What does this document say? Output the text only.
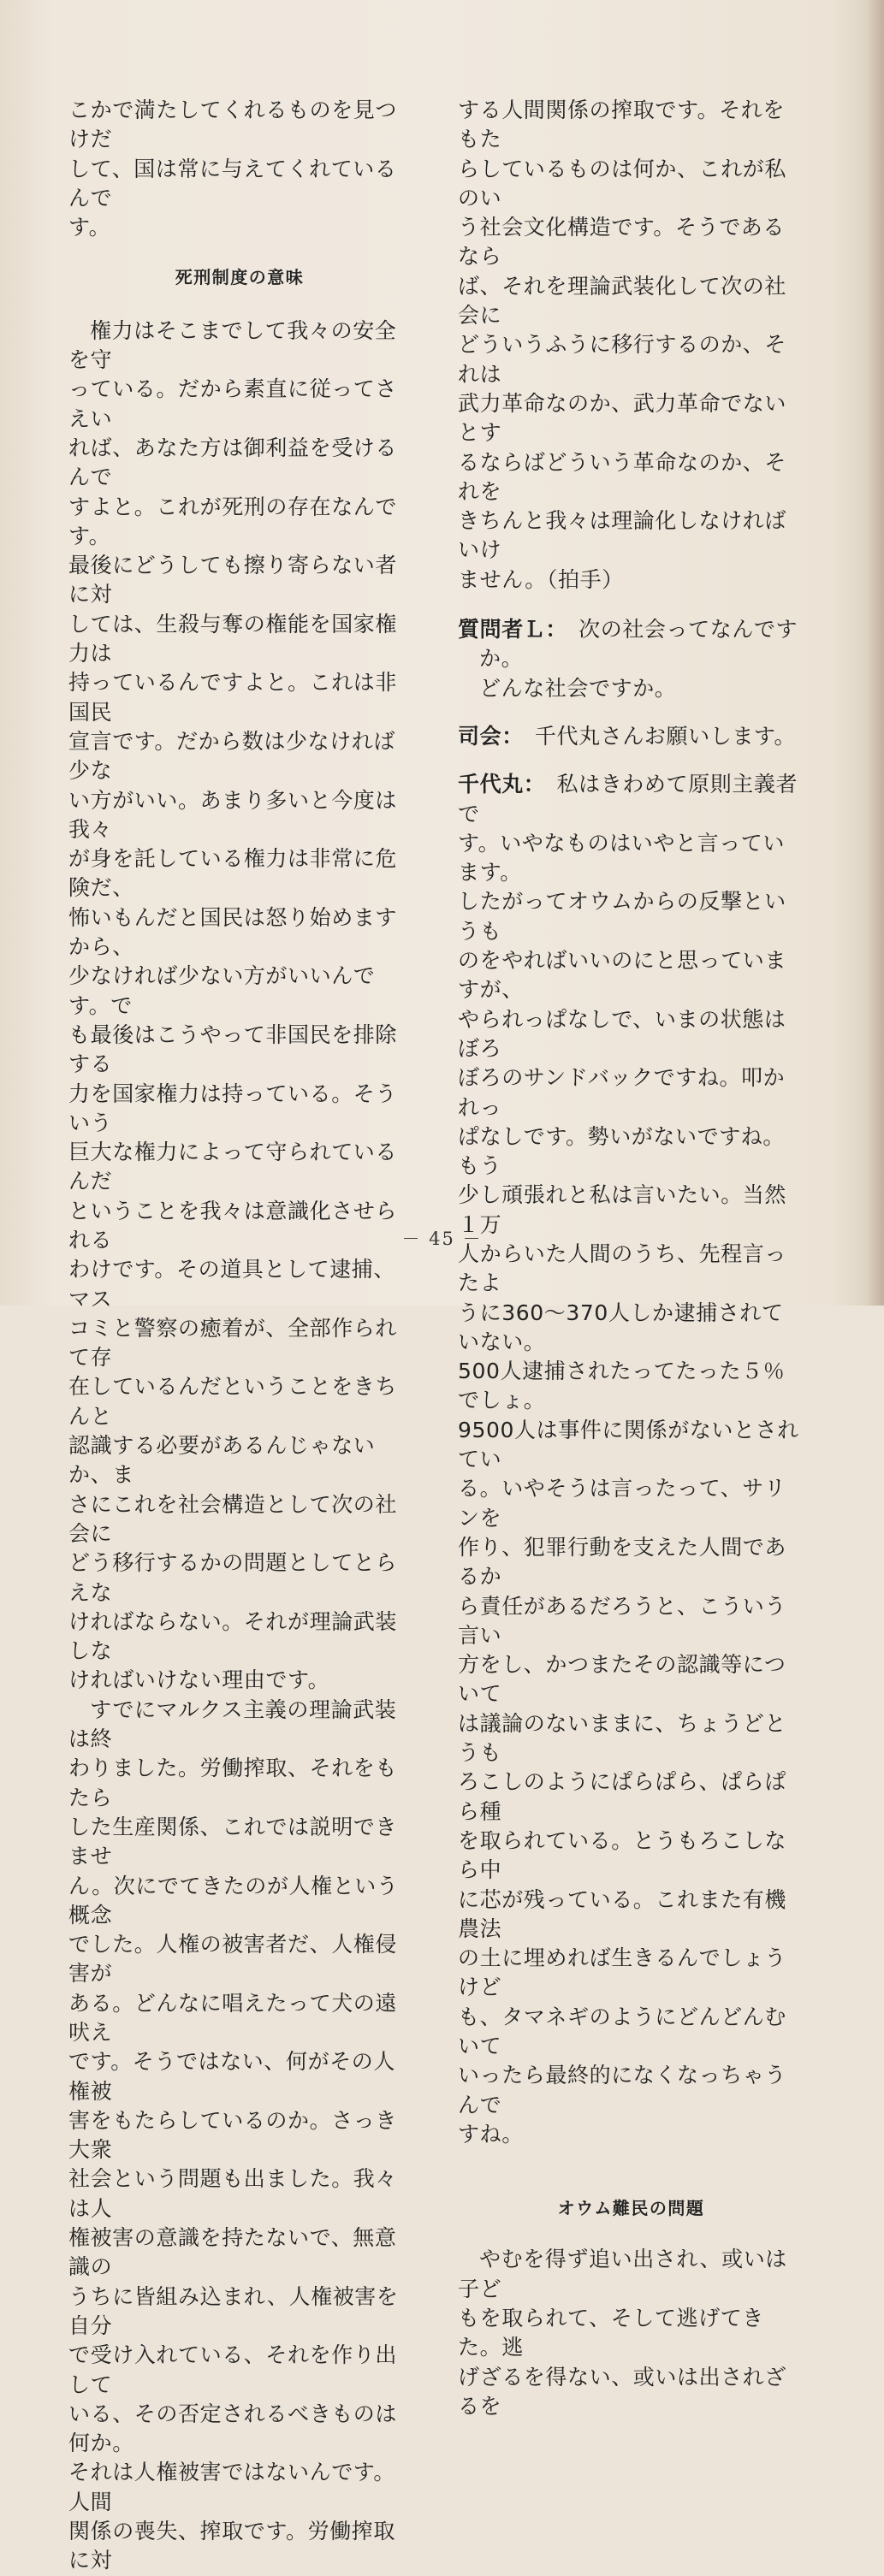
こかで満たしてくれるものを見つけだ
して、国は常に与えてくれているんで
す。

死刑制度の意味

権力はそこまでして我々の安全を守
っている。だから素直に従ってさえい
れば、あなた方は御利益を受けるんで
すよと。これが死刑の存在なんです。
最後にどうしても擦り寄らない者に対
しては、生殺与奪の権能を国家権力は
持っているんですよと。これは非国民
宣言です。だから数は少なければ少な
い方がいい。あまり多いと今度は我々
が身を託している権力は非常に危険だ、
怖いもんだと国民は怒り始めますから、
少なければ少ない方がいいんです。で
も最後はこうやって非国民を排除する
力を国家権力は持っている。そういう
巨大な権力によって守られているんだ
ということを我々は意識化させられる
わけです。その道具として逮捕、マス
コミと警察の癒着が、全部作られて存
在しているんだということをきちんと
認識する必要があるんじゃないか、ま
さにこれを社会構造として次の社会に
どう移行するかの問題としてとらえな
ければならない。それが理論武装しな
ければいけない理由です。

すでにマルクス主義の理論武装は終
わりました。労働搾取、それをもたら
した生産関係、これでは説明できませ
ん。次にでてきたのが人権という概念
でした。人権の被害者だ、人権侵害が
ある。どんなに唱えたって犬の遠吠え
です。そうではない、何がその人権被
害をもたらしているのか。さっき大衆
社会という問題も出ました。我々は人
権被害の意識を持たないで、無意識の
うちに皆組み込まれ、人権被害を自分
で受け入れている、それを作り出して
いる、その否定されるべきものは何か。
それは人権被害ではないんです。人間
関係の喪失、搾取です。労働搾取に対

する人間関係の搾取です。それをもた
らしているものは何か、これが私のい
う社会文化構造です。そうであるなら
ば、それを理論武装化して次の社会に
どういうふうに移行するのか、それは
武力革命なのか、武力革命でないとす
るならばどういう革命なのか、それを
きちんと我々は理論化しなければいけ
ません。（拍手）

質問者Ｌ：　次の社会ってなんですか。
どんな社会ですか。

司会：　千代丸さんお願いします。

千代丸：　私はきわめて原則主義者で
す。いやなものはいやと言っています。
したがってオウムからの反撃というも
のをやればいいのにと思っていますが、
やられっぱなしで、いまの状態はぼろ
ぼろのサンドバックですね。叩かれっ
ぱなしです。勢いがないですね。もう
少し頑張れと私は言いたい。当然１万
人からいた人間のうち、先程言ったよ
うに360〜370人しか逮捕されていない。
500人逮捕されたってたった５％でしょ。
9500人は事件に関係がないとされてい
る。いやそうは言ったって、サリンを
作り、犯罪行動を支えた人間であるか
ら責任があるだろうと、こういう言い
方をし、かつまたその認識等について
は議論のないままに、ちょうどとうも
ろこしのようにぱらぱら、ぱらぱら種
を取られている。とうもろこしなら中
に芯が残っている。これまた有機農法
の土に埋めれば生きるんでしょうけど
も、タマネギのようにどんどんむいて
いったら最終的になくなっちゃうんで
すね。

オウム難民の問題

やむを得ず追い出され、或いは子ど
もを取られて、そして逃げてきた。逃
げざるを得ない、或いは出されざるを

－ 45 －
